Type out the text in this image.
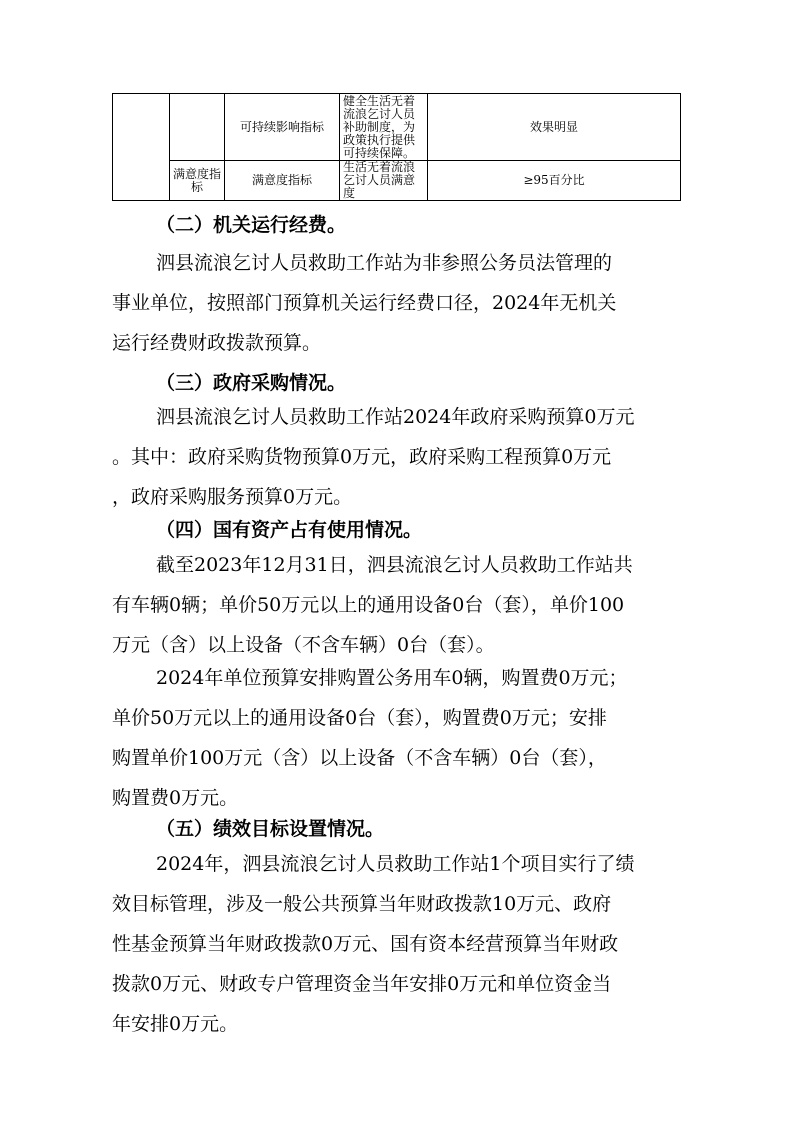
		可持续影响指标	健全生活无着流浪乞讨人员补助制度，为政策执行提供可持续保障。	效果明显
	满意度指标	满意度指标	生活无着流浪乞讨人员满意度	≥95百分比
（二）机关运行经费。
泗县流浪乞讨人员救助工作站为非参照公务员法管理的
事业单位，按照部门预算机关运行经费口径，2024年无机关
运行经费财政拨款预算。
（三）政府采购情况。
泗县流浪乞讨人员救助工作站2024年政府采购预算0万元
。其中：政府采购货物预算0万元，政府采购工程预算0万元
，政府采购服务预算0万元。
（四）国有资产占有使用情况。
截至2023年12月31日，泗县流浪乞讨人员救助工作站共
有车辆0辆；单价50万元以上的通用设备0台（套），单价100
万元（含）以上设备（不含车辆）0台（套）。
2024年单位预算安排购置公务用车0辆，购置费0万元；
单价50万元以上的通用设备0台（套），购置费0万元；安排
购置单价100万元（含）以上设备（不含车辆）0台（套），
购置费0万元。
（五）绩效目标设置情况。
2024年，泗县流浪乞讨人员救助工作站1个项目实行了绩
效目标管理，涉及一般公共预算当年财政拨款10万元、政府
性基金预算当年财政拨款0万元、国有资本经营预算当年财政
拨款0万元、财政专户管理资金当年安排0万元和单位资金当
年安排0万元。
